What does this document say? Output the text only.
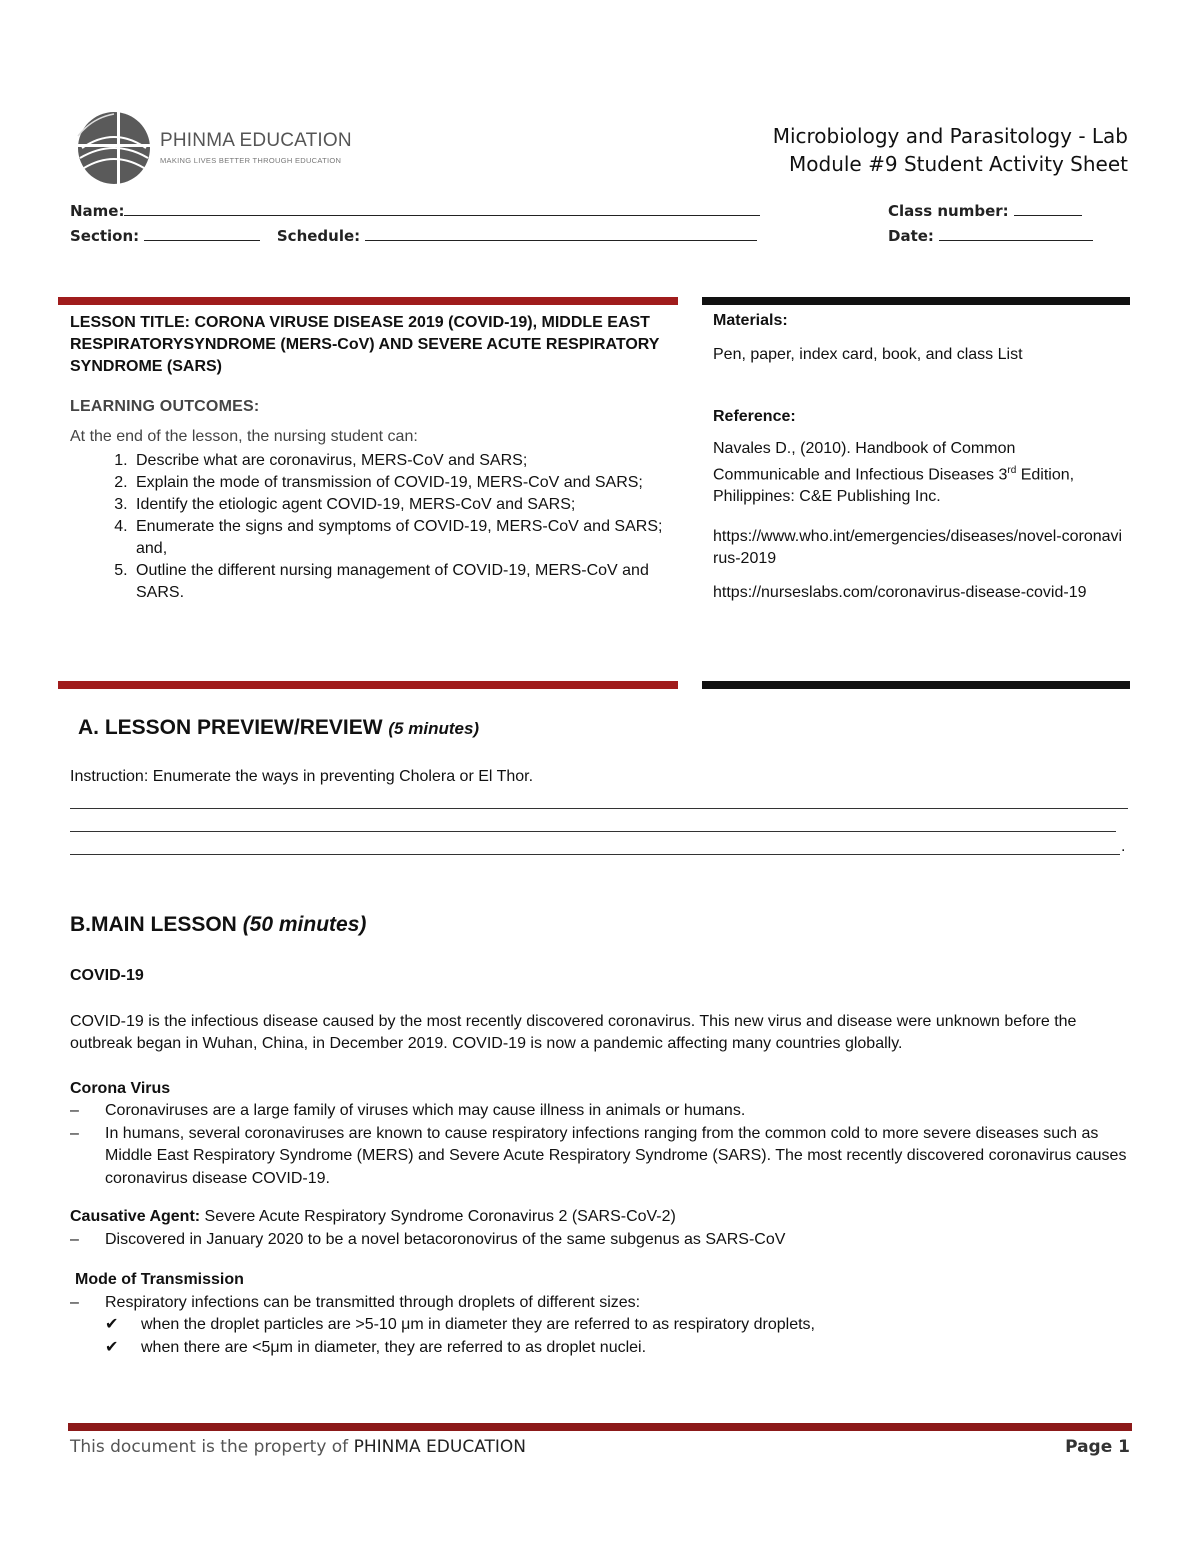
PHINMA EDUCATION
MAKING LIVES BETTER THROUGH EDUCATION
Microbiology and Parasitology - Lab
Module #9 Student Activity Sheet
Name:	Class number:
Section:	Schedule:	Date:

LESSON TITLE: CORONA VIRUSE DISEASE 2019 (COVID-19), MIDDLE EAST RESPIRATORYSYNDROME (MERS-CoV) AND SEVERE ACUTE RESPIRATORY SYNDROME (SARS)

LEARNING OUTCOMES:
At the end of the lesson, the nursing student can:
1. Describe what are coronavirus, MERS-CoV and SARS;
2. Explain the mode of transmission of COVID-19, MERS-CoV and SARS;
3. Identify the etiologic agent COVID-19, MERS-CoV and SARS;
4. Enumerate the signs and symptoms of COVID-19, MERS-CoV and SARS; and,
5. Outline the different nursing management of COVID-19, MERS-CoV and SARS.

Materials:

Pen, paper, index card, book, and class List

Reference:

Navales D., (2010). Handbook of Common Communicable and Infectious Diseases 3rd Edition, Philippines: C&E Publishing Inc.

https://www.who.int/emergencies/diseases/novel-coronavirus-2019

https://nurseslabs.com/coronavirus-disease-covid-19

A. LESSON PREVIEW/REVIEW (5 minutes)
Instruction: Enumerate the ways in preventing Cholera or El Thor.
.
B.MAIN LESSON (50 minutes)

COVID-19

COVID-19 is the infectious disease caused by the most recently discovered coronavirus. This new virus and disease were unknown before the outbreak began in Wuhan, China, in December 2019. COVID-19 is now a pandemic affecting many countries globally.

Corona Virus

– Coronaviruses are a large family of viruses which may cause illness in animals or humans.
– In humans, several coronaviruses are known to cause respiratory infections ranging from the common cold to more severe diseases such as Middle East Respiratory Syndrome (MERS) and Severe Acute Respiratory Syndrome (SARS). The most recently discovered coronavirus causes coronavirus disease COVID-19.

Causative Agent: Severe Acute Respiratory Syndrome Coronavirus 2 (SARS-CoV-2)

– Discovered in January 2020 to be a novel betacoronovirus of the same subgenus as SARS-CoV

Mode of Transmission

– Respiratory infections can be transmitted through droplets of different sizes:
✔ when the droplet particles are >5-10 μm in diameter they are referred to as respiratory droplets,
✔ when there are <5μm in diameter, they are referred to as droplet nuclei.
This document is the property of PHINMA EDUCATION	Page 1
